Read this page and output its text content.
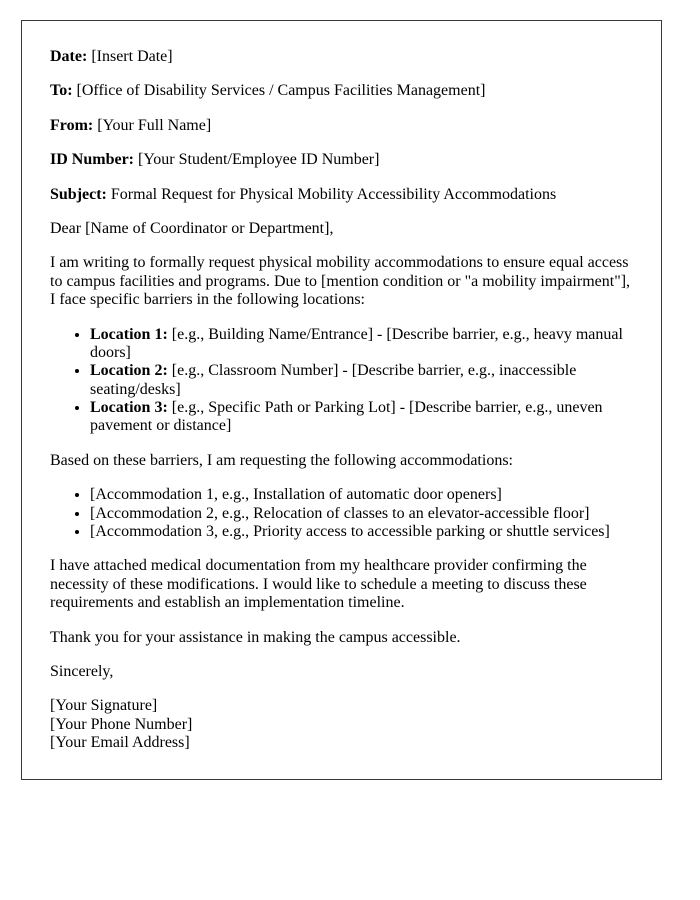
Date: [Insert Date]

To: [Office of Disability Services / Campus Facilities Management]

From: [Your Full Name]

ID Number: [Your Student/Employee ID Number]

Subject: Formal Request for Physical Mobility Accessibility Accommodations

Dear [Name of Coordinator or Department],

I am writing to formally request physical mobility accommodations to ensure equal access to campus facilities and programs. Due to [mention condition or "a mobility impairment"], I face specific barriers in the following locations:

• Location 1: [e.g., Building Name/Entrance] - [Describe barrier, e.g., heavy manual doors]
• Location 2: [e.g., Classroom Number] - [Describe barrier, e.g., inaccessible seating/desks]
• Location 3: [e.g., Specific Path or Parking Lot] - [Describe barrier, e.g., uneven pavement or distance]

Based on these barriers, I am requesting the following accommodations:

• [Accommodation 1, e.g., Installation of automatic door openers]
• [Accommodation 2, e.g., Relocation of classes to an elevator-accessible floor]
• [Accommodation 3, e.g., Priority access to accessible parking or shuttle services]

I have attached medical documentation from my healthcare provider confirming the necessity of these modifications. I would like to schedule a meeting to discuss these requirements and establish an implementation timeline.

Thank you for your assistance in making the campus accessible.

Sincerely,

[Your Signature]
[Your Phone Number]
[Your Email Address]
